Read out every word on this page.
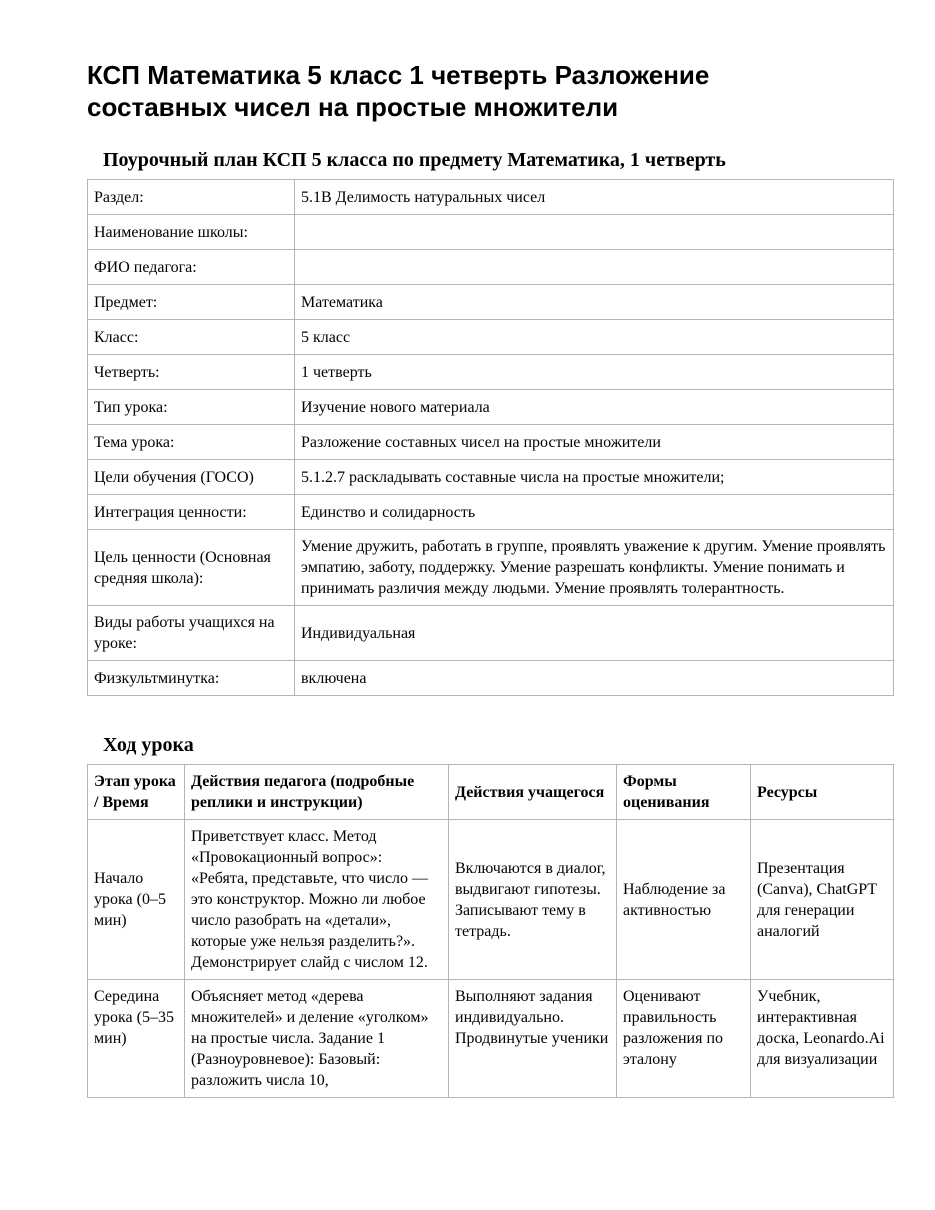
КСП Математика 5 класс 1 четверть Разложение составных чисел на простые множители
Поурочный план КСП 5 класса по предмету Математика, 1 четверть
Раздел:	5.1В Делимость натуральных чисел
Наименование школы:	
ФИО педагога:	
Предмет:	Математика
Класс:	5 класс
Четверть:	1 четверть
Тип урока:	Изучение нового материала
Тема урока:	Разложение составных чисел на простые множители
Цели обучения (ГОСО)	5.1.2.7 раскладывать составные числа на простые множители;
Интеграция ценности:	Единство и солидарность
Цель ценности (Основная средняя школа):	Умение дружить, работать в группе, проявлять уважение к другим. Умение проявлять эмпатию, заботу, поддержку. Умение разрешать конфликты. Умение понимать и принимать различия между людьми. Умение проявлять толерантность.
Виды работы учащихся на уроке:	Индивидуальная
Физкультминутка:	включена
Ход урока
Этап урока / Время	Действия педагога (подробные реплики и инструкции)	Действия учащегося	Формы оценивания	Ресурсы
Начало урока (0–5 мин)	Приветствует класс. Метод «Провокационный вопрос»: «Ребята, представьте, что число — это конструктор. Можно ли любое число разобрать на «детали», которые уже нельзя разделить?». Демонстрирует слайд с числом 12.	Включаются в диалог, выдвигают гипотезы. Записывают тему в тетрадь.	Наблюдение за активностью	Презентация (Canva), ChatGPT для генерации аналогий
Середина урока (5–35 мин)	Объясняет метод «дерева множителей» и деление «уголком» на простые числа. Задание 1 (Разноуровневое): Базовый: разложить числа 10,	Выполняют задания индивидуально. Продвинутые ученики	Оценивают правильность разложения по эталону	Учебник, интерактивная доска, Leonardo.Ai для визуализации
